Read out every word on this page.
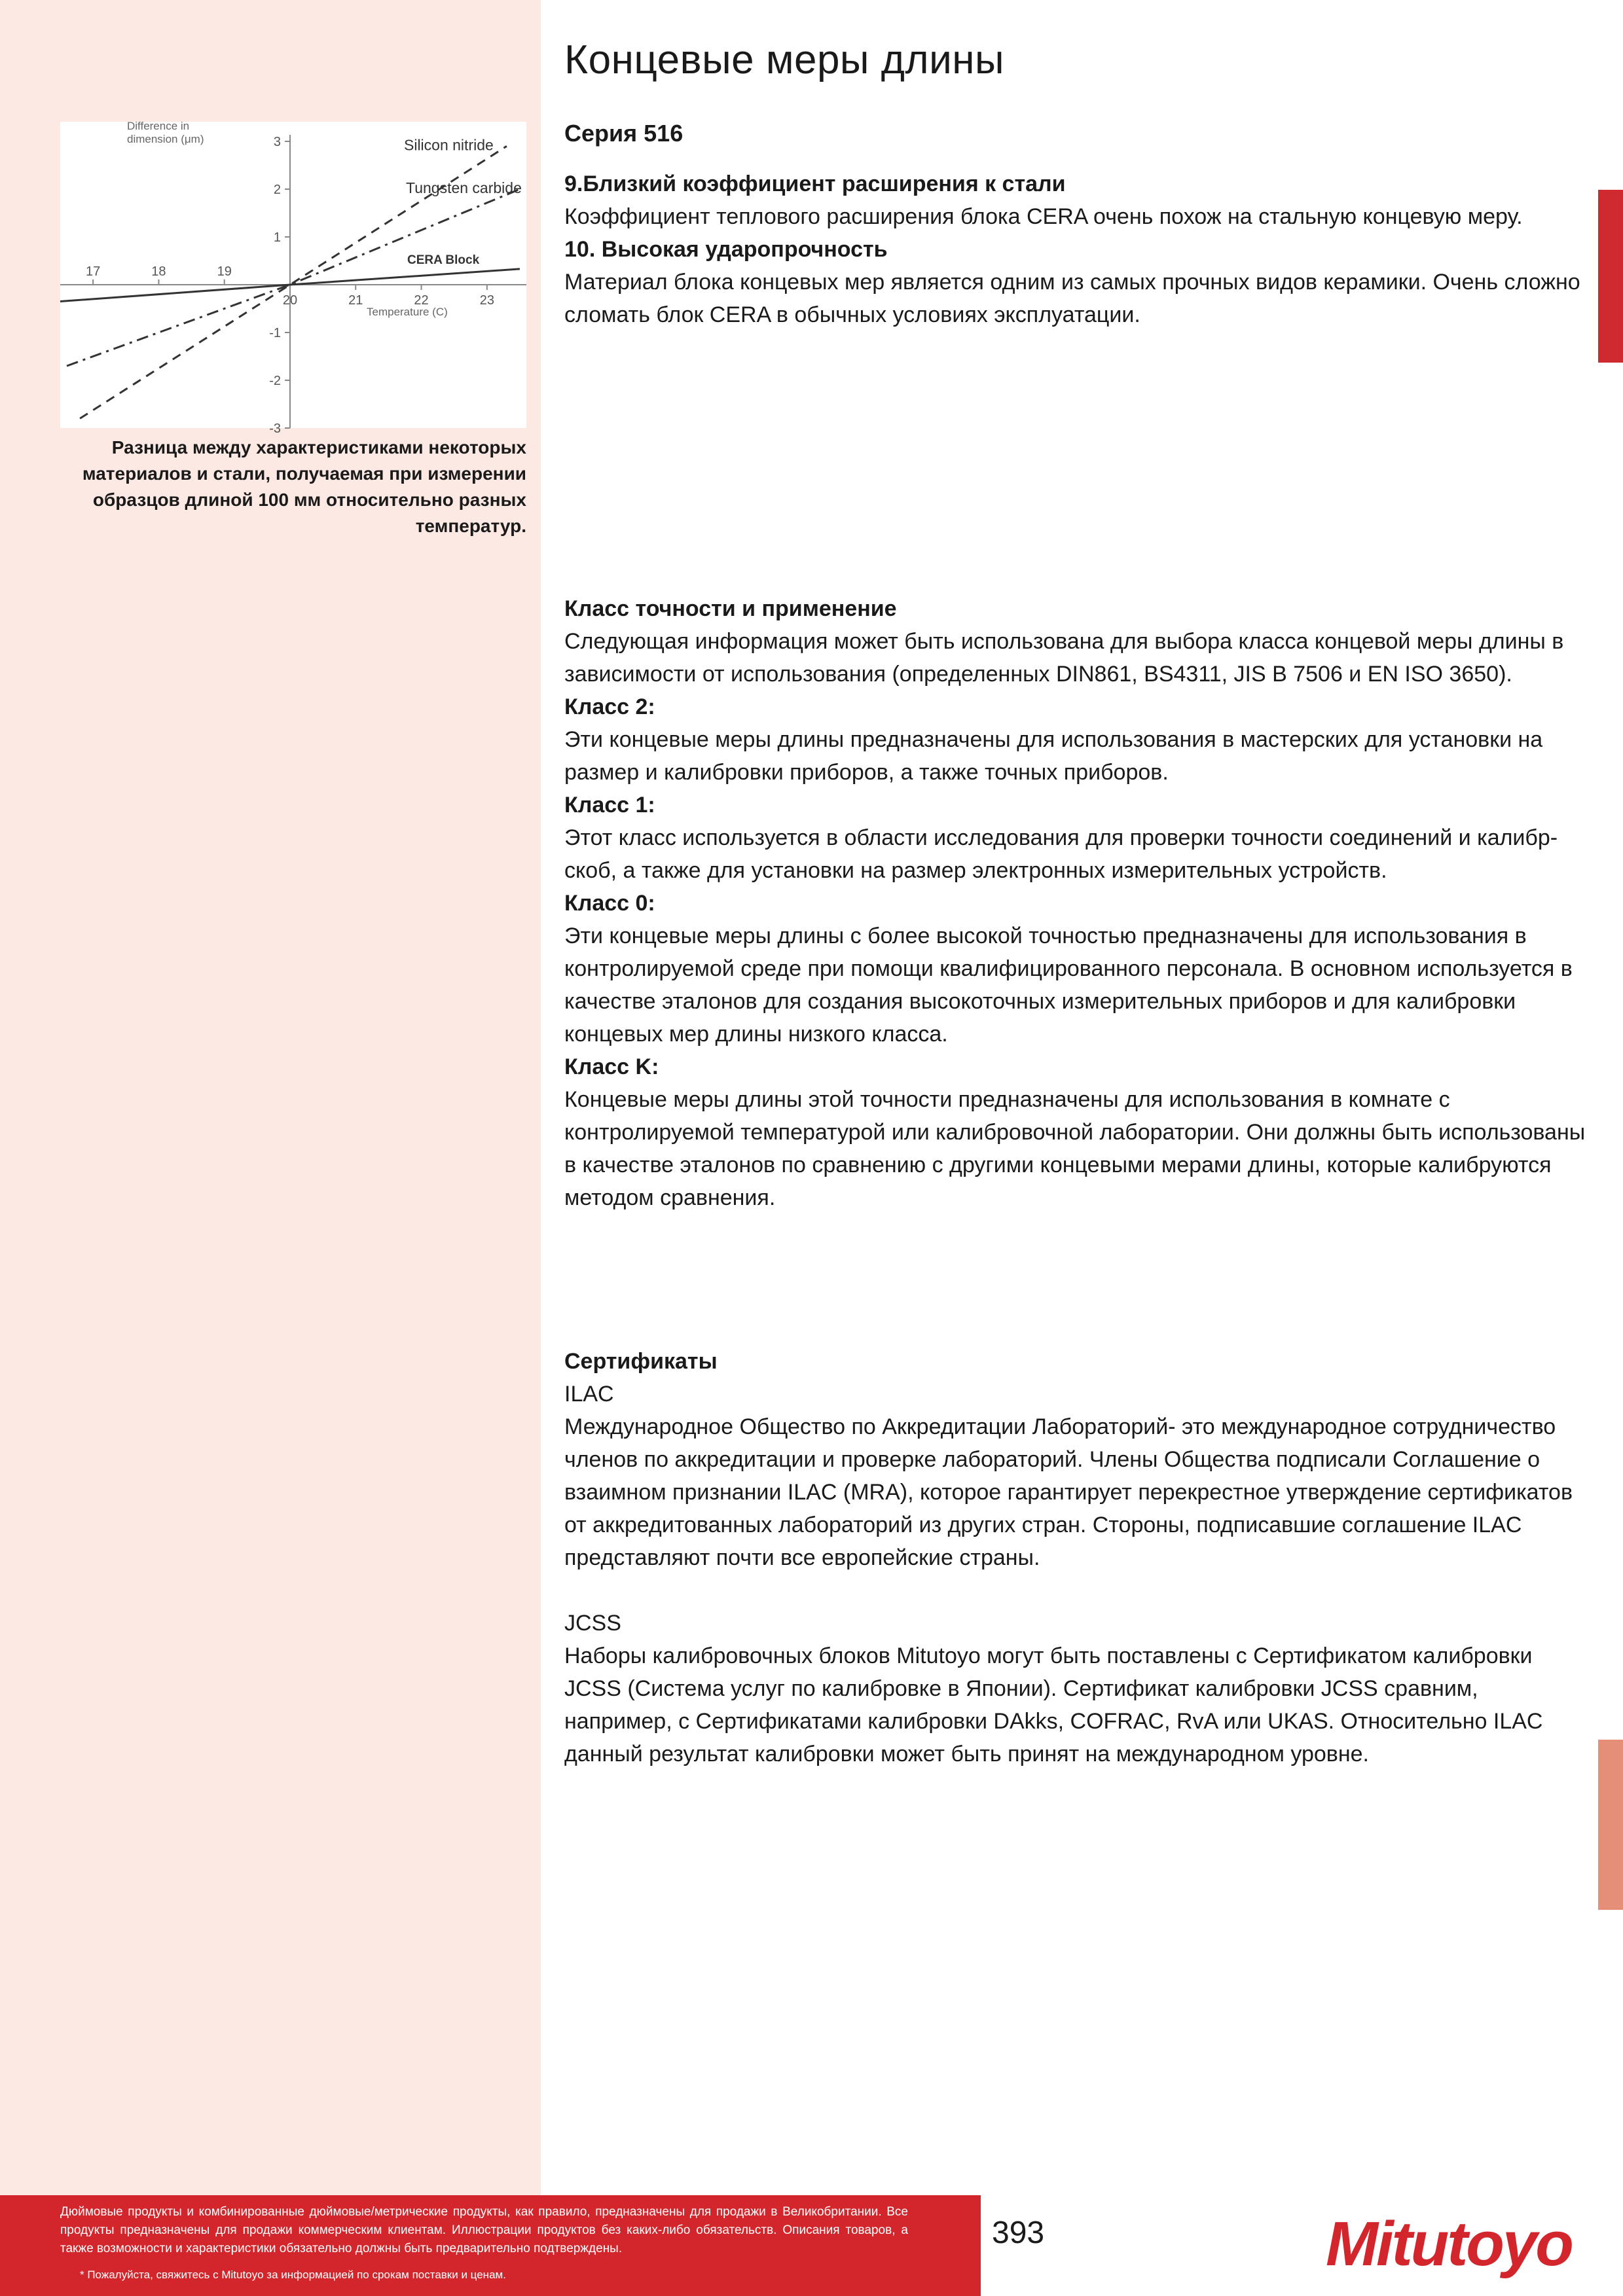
Концевые меры длины
Серия 516
17	18	19
20	21	22	23
3
2
1
-1
-2
-3
Silicon nitride
Tungsten carbide
CERA Block
Difference in
dimension (μm)
Temperature (C)
Разница между характеристиками некоторых материалов и стали, получаемая при измерении образцов длиной 100 мм относительно разных температур.

9.Близкий коэффициент расширения к стали

Коэффициент теплового расширения блока CERA очень похож на стальную концевую меру.

10. Высокая ударопрочность

Материал блока концевых мер является одним из самых прочных видов керамики. Очень сложно сломать блок CERA в обычных условиях эксплуатации.

Класс точности и применение

Следующая информация может быть использована для выбора класса концевой меры длины в зависимости от использования (определенных DIN861, BS4311, JIS B 7506 и EN ISO 3650).

Класс 2:

Эти концевые меры длины предназначены для использования в мастерских для установки на размер и калибровки приборов, а также точных приборов.

Класс 1:

Этот класс используется в области исследования для проверки точности соединений и калибр-скоб, а также для установки на размер электронных измерительных устройств.

Класс 0:

Эти концевые меры длины с более высокой точностью предназначены для использования в контролируемой среде при помощи квалифицированного персонала. В основном используется в качестве эталонов для создания высокоточных измерительных приборов и для калибровки концевых мер длины низкого класса.

Класс K:

Концевые меры длины этой точности предназначены для использования в комнате с контролируемой температурой или калибровочной лаборатории. Они должны быть использованы в качестве эталонов по сравнению с другими концевыми мерами длины, которые калибруются методом сравнения.

Сертификаты

ILAC

Международное Общество по Аккредитации Лабораторий- это международное сотрудничество членов по аккредитации и проверке лабораторий. Члены Общества подписали Соглашение о взаимном признании ILAC (MRA), которое гарантирует перекрестное утверждение сертификатов от аккредитованных лабораторий из других стран. Стороны, подписавшие соглашение ILAC представляют почти все европейские страны.

JCSS

Наборы калибровочных блоков Mitutoyo могут быть поставлены с Сертификатом калибровки JCSS (Система услуг по калибровке в Японии). Сертификат калибровки JCSS сравним, например, с Сертификатами калибровки DAkks, COFRAC, RvA или UKAS. Относительно ILAC данный результат калибровки может быть принят на международном уровне.

Дюймовые продукты и комбинированные дюймовые/метрические продукты, как правило, предназначены для продажи в Великобритании. Все продукты предназначены для продажи коммерческим клиентам. Иллюстрации продуктов без каких-либо обязательств. Описания товаров, а также возможности и характеристики обязательно должны быть предварительно подтверждены.
* Пожалуйста, свяжитесь с Mitutoyo за информацией по срокам поставки и ценам.
393	Mitutoyo
